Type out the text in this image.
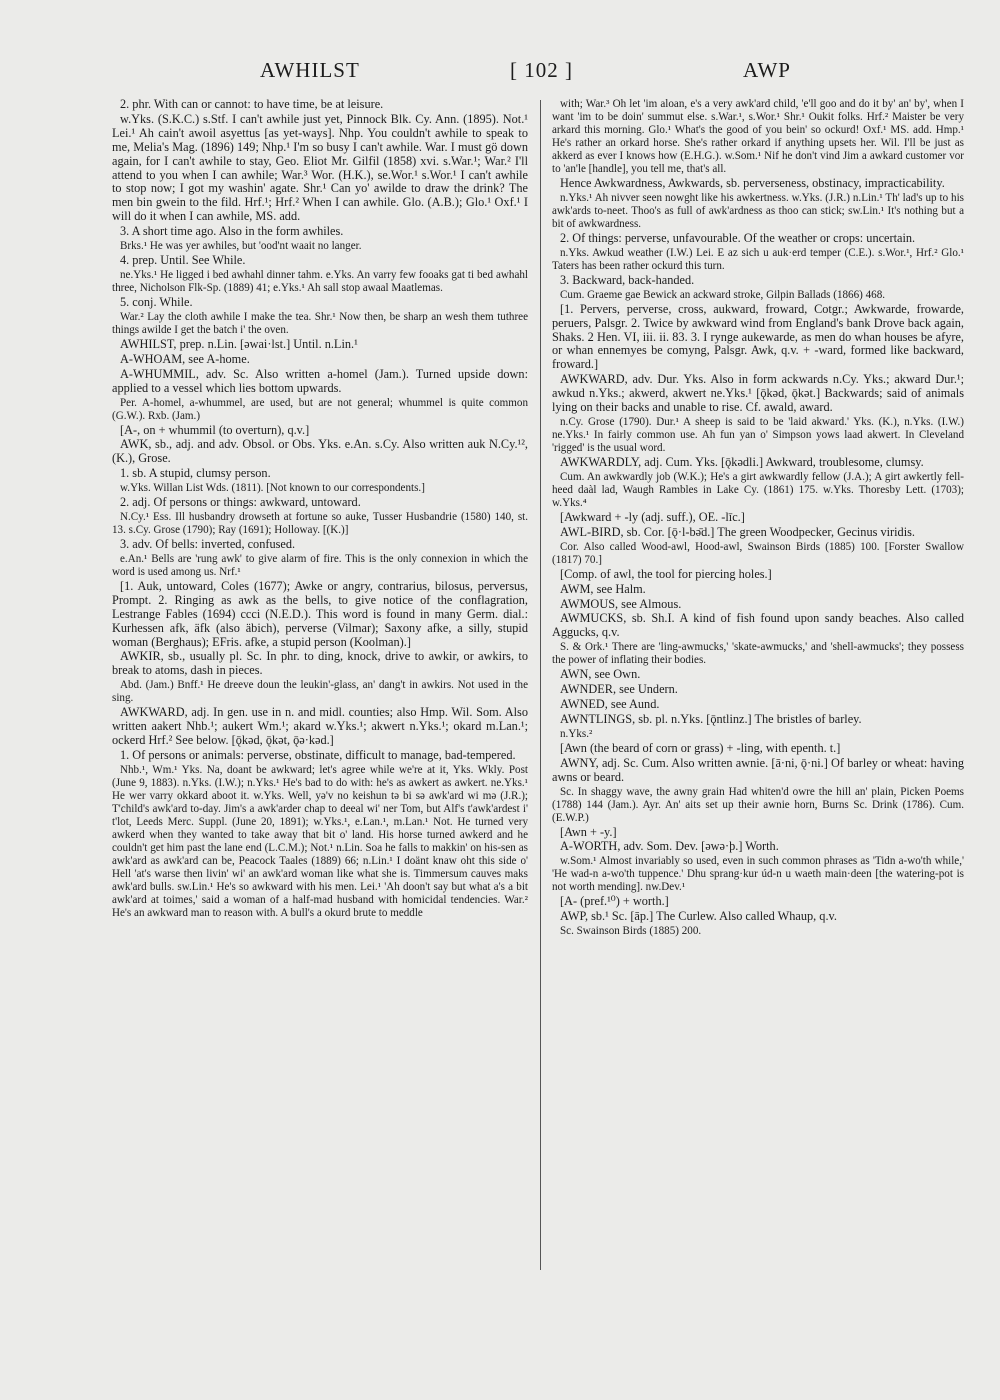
AWHILST	[ 102 ]	AWP

2. phr. With can or cannot: to have time, be at leisure.

w.Yks. (S.K.C.) s.Stf. I can't awhile just yet, Pinnock Blk. Cy. Ann. (1895). Not.¹ Lei.¹ Ah cain't awoil asyettus [as yet-ways]. Nhp. You couldn't awhile to speak to me, Melia's Mag. (1896) 149; Nhp.¹ I'm so busy I can't awhile. War. I must gö down again, for I can't awhile to stay, Geo. Eliot Mr. Gilfil (1858) xvi. s.War.¹; War.² I'll attend to you when I can awhile; War.³ Wor. (H.K.), se.Wor.¹ s.Wor.¹ I can't awhile to stop now; I got my washin' agate. Shr.¹ Can yo' awilde to draw the drink? The men bin gwein to the fild. Hrf.¹; Hrf.² When I can awhile. Glo. (A.B.); Glo.¹ Oxf.¹ I will do it when I can awhile, MS. add.

3. A short time ago. Also in the form awhiles.

Brks.¹ He was yer awhiles, but 'ood'nt waait no langer.

4. prep. Until. See While.

ne.Yks.¹ He ligged i bed awhahl dinner tahm. e.Yks. An varry few fooaks gat ti bed awhahl three, Nicholson Flk-Sp. (1889) 41; e.Yks.¹ Ah sall stop awaal Maatlemas.

5. conj. While.

War.² Lay the cloth awhile I make the tea. Shr.¹ Now then, be sharp an wesh them tuthree things awilde I get the batch i' the oven.

AWHILST, prep. n.Lin. [əwai·lst.] Until. n.Lin.¹

A-WHOAM, see A-home.

A-WHUMMIL, adv. Sc. Also written a-homel (Jam.). Turned upside down: applied to a vessel which lies bottom upwards.

Per. A-homel, a-whummel, are used, but are not general; whummel is quite common (G.W.). Rxb. (Jam.)

[A-, on + whummil (to overturn), q.v.]

AWK, sb., adj. and adv. Obsol. or Obs. Yks. e.An. s.Cy. Also written auk N.Cy.¹², (K.), Grose.

1. sb. A stupid, clumsy person.

w.Yks. Willan List Wds. (1811). [Not known to our correspondents.]

2. adj. Of persons or things: awkward, untoward.

N.Cy.¹ Ess. Ill husbandry drowseth at fortune so auke, Tusser Husbandrie (1580) 140, st. 13. s.Cy. Grose (1790); Ray (1691); Holloway. [(K.)]

3. adv. Of bells: inverted, confused.

e.An.¹ Bells are 'rung awk' to give alarm of fire. This is the only connexion in which the word is used among us. Nrf.¹

[1. Auk, untoward, Coles (1677); Awke or angry, contrarius, bilosus, perversus, Prompt. 2. Ringing as awk as the bells, to give notice of the conflagration, Lestrange Fables (1694) ccci (N.E.D.). This word is found in many Germ. dial.: Kurhessen afk, äfk (also äbich), perverse (Vilmar); Saxony afke, a silly, stupid woman (Berghaus); EFris. afke, a stupid person (Koolman).]

AWKIR, sb., usually pl. Sc. In phr. to ding, knock, drive to awkir, or awkirs, to break to atoms, dash in pieces.

Abd. (Jam.) Bnff.¹ He dreeve doun the leukin'-glass, an' dang't in awkirs. Not used in the sing.

AWKWARD, adj. In gen. use in n. and midl. counties; also Hmp. Wil. Som. Also written aakert Nhb.¹; aukert Wm.¹; akard w.Yks.¹; akwert n.Yks.¹; okard m.Lan.¹; ockerd Hrf.² See below. [ǭkəd, ǭkət, ǭə·kəd.]

1. Of persons or animals: perverse, obstinate, difficult to manage, bad-tempered.

Nhb.¹, Wm.¹ Yks. Na, doant be awkward; let's agree while we're at it, Yks. Wkly. Post (June 9, 1883). n.Yks. (I.W.); n.Yks.¹ He's bad to do with: he's as awkert as awkert. ne.Yks.¹ He wer varry okkard aboot it. w.Yks. Well, yə'v no keishun tə bi sə awk'ard wi mə (J.R.); T'child's awk'ard to-day. Jim's a awk'arder chap to deeal wi' ner Tom, but Alf's t'awk'ardest i' t'lot, Leeds Merc. Suppl. (June 20, 1891); w.Yks.¹, e.Lan.¹, m.Lan.¹ Not. He turned very awkerd when they wanted to take away that bit o' land. His horse turned awkerd and he couldn't get him past the lane end (L.C.M.); Not.¹ n.Lin. Soa he falls to makkin' on his-sen as awk'ard as awk'ard can be, Peacock Taales (1889) 66; n.Lin.¹ I doänt knaw oht this side o' Hell 'at's warse then livin' wi' an awk'ard woman like what she is. Timmersum cauves maks awk'ard bulls. sw.Lin.¹ He's so awkward with his men. Lei.¹ 'Ah doon't say but what a's a bit awk'ard at toimes,' said a woman of a half-mad husband with homicidal tendencies. War.² He's an awkward man to reason with. A bull's a okurd brute to meddle

with; War.³ Oh let 'im aloan, e's a very awk'ard child, 'e'll goo and do it by' an' by', when I want 'im to be doin' summut else. s.War.¹, s.Wor.¹ Shr.¹ Oukit folks. Hrf.² Maister be very arkard this morning. Glo.¹ What's the good of you bein' so ockurd! Oxf.¹ MS. add. Hmp.¹ He's rather an orkard horse. She's rather orkard if anything upsets her. Wil. I'll be just as akkerd as ever I knows how (E.H.G.). w.Som.¹ Nif he don't vind Jim a awkard customer vor to 'an'le [handle], you tell me, that's all.

Hence Awkwardness, Awkwards, sb. perverseness, obstinacy, impracticability.

n.Yks.¹ Ah nivver seen nowght like his awkertness. w.Yks. (J.R.) n.Lin.¹ Th' lad's up to his awk'ards to-neet. Thoo's as full of awk'ardness as thoo can stick; sw.Lin.¹ It's nothing but a bit of awkwardness.

2. Of things: perverse, unfavourable. Of the weather or crops: uncertain.

n.Yks. Awkud weather (I.W.) Lei. E az sich u auk·erd temper (C.E.). s.Wor.¹, Hrf.² Glo.¹ Taters has been rather ockurd this turn.

3. Backward, back-handed.

Cum. Graeme gae Bewick an ackward stroke, Gilpin Ballads (1866) 468.

[1. Pervers, perverse, cross, aukward, froward, Cotgr.; Awkwarde, frowarde, peruers, Palsgr. 2. Twice by awkward wind from England's bank Drove back again, Shaks. 2 Hen. VI, iii. ii. 83. 3. I rynge aukewarde, as men do whan houses be afyre, or whan ennemyes be comyng, Palsgr. Awk, q.v. + -ward, formed like backward, froward.]

AWKWARD, adv. Dur. Yks. Also in form ackwards n.Cy. Yks.; akward Dur.¹; awkud n.Yks.; akwerd, akwert ne.Yks.¹ [ǭkəd, ǭkət.] Backwards; said of animals lying on their backs and unable to rise. Cf. awald, award.

n.Cy. Grose (1790). Dur.¹ A sheep is said to be 'laid akward.' Yks. (K.), n.Yks. (I.W.) ne.Yks.¹ In fairly common use. Ah fun yan o' Simpson yows laad akwert. In Cleveland 'rigged' is the usual word.

AWKWARDLY, adj. Cum. Yks. [ǭkədli.] Awkward, troublesome, clumsy.

Cum. An awkwardly job (W.K.); He's a girt awkwardly fellow (J.A.); A girt awkertly fell-heed daàl lad, Waugh Rambles in Lake Cy. (1861) 175. w.Yks. Thoresby Lett. (1703); w.Yks.⁴

[Awkward + -ly (adj. suff.), OE. -līc.]

AWL-BIRD, sb. Cor. [ǭ·l-bə̄d.] The green Woodpecker, Gecinus viridis.

Cor. Also called Wood-awl, Hood-awl, Swainson Birds (1885) 100. [Forster Swallow (1817) 70.]

[Comp. of awl, the tool for piercing holes.]

AWM, see Halm.

AWMOUS, see Almous.

AWMUCKS, sb. Sh.I. A kind of fish found upon sandy beaches. Also called Aggucks, q.v.

S. & Ork.¹ There are 'ling-awmucks,' 'skate-awmucks,' and 'shell-awmucks'; they possess the power of inflating their bodies.

AWN, see Own.

AWNDER, see Undern.

AWNED, see Aund.

AWNTLINGS, sb. pl. n.Yks. [ǭntlinz.] The bristles of barley.

n.Yks.²

[Awn (the beard of corn or grass) + -ling, with epenth. t.]

AWNY, adj. Sc. Cum. Also written awnie. [ā·ni, ǭ·ni.] Of barley or wheat: having awns or beard.

Sc. In shaggy wave, the awny grain Had whiten'd owre the hill an' plain, Picken Poems (1788) 144 (Jam.). Ayr. An' aits set up their awnie horn, Burns Sc. Drink (1786). Cum. (E.W.P.)

[Awn + -y.]

A-WORTH, adv. Som. Dev. [əwə·þ.] Worth.

w.Som.¹ Almost invariably so used, even in such common phrases as 'Tidn a-wo'th while,' 'He wad-n a-wo'th tuppence.' Dhu sprang·kur úd-n u waeth main·deen [the watering-pot is not worth mending]. nw.Dev.¹

[A- (pref.¹⁰) + worth.]

AWP, sb.¹ Sc. [āp.] The Curlew. Also called Whaup, q.v.

Sc. Swainson Birds (1885) 200.
